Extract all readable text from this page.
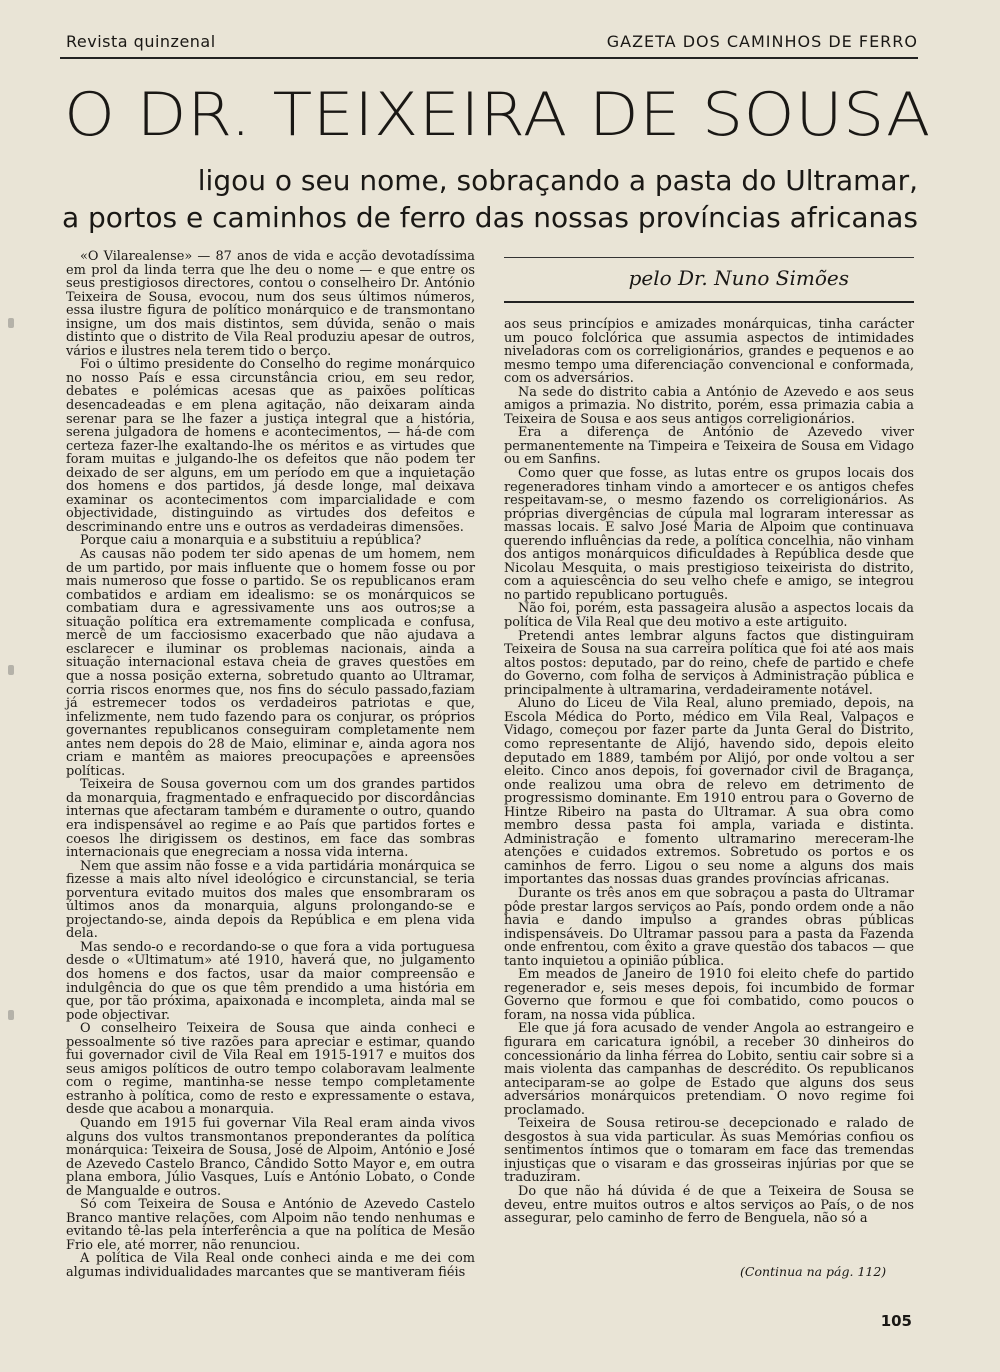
Revista quinzenal	GAZETA DOS CAMINHOS DE FERRO
O DR. TEIXEIRA DE SOUSA
ligou o seu nome, sobraçando a pasta do Ultramar,
a portos e caminhos de ferro das nossas províncias africanas

«O Vilarealense» — 87 anos de vida e acção devotadíssima em prol da linda terra que lhe deu o nome — e que entre os seus prestigiosos directores, contou o conselheiro Dr. António Teixeira de Sousa, evocou, num dos seus últimos números, essa ilustre figura de político monárquico e de transmontano insigne, um dos mais distintos, sem dúvida, senão o mais distinto que o distrito de Vila Real produziu apesar de outros, vários e ilustres nela terem tido o berço.

Foi o último presidente do Conselho do regime monárquico no nosso País e essa circunstância criou, em seu redor, debates e polémicas acesas que as paixões políticas desencadeadas e em plena agitação, não deixaram ainda serenar para se lhe fazer a justiça integral que a história, serena julgadora de homens e acontecimentos, — há-de com certeza fazer-lhe exaltando-lhe os méritos e as virtudes que foram muitas e julgando-lhe os defeitos que não podem ter deixado de ser alguns, em um período em que a inquietação dos homens e dos partidos, já desde longe, mal deixava examinar os acontecimentos com imparcialidade e com objectividade, distinguindo as virtudes dos defeitos e descriminando entre uns e outros as verdadeiras dimensões.

Porque caiu a monarquia e a substituiu a república?

As causas não podem ter sido apenas de um homem, nem de um partido, por mais influente que o homem fosse ou por mais numeroso que fosse o partido. Se os republicanos eram combatidos e ardiam em idealismo: se os monárquicos se combatiam dura e agressivamente uns aos outros;se a situação política era extremamente complicada e confusa, mercê de um facciosismo exacerbado que não ajudava a esclarecer e iluminar os problemas nacionais, ainda a situação internacional estava cheia de graves questões em que a nossa posição externa, sobretudo quanto ao Ultramar, corria riscos enormes que, nos fins do século passado,faziam já estremecer todos os verdadeiros patriotas e que, infelizmente, nem tudo fazendo para os conjurar, os próprios governantes republicanos conseguiram completamente nem antes nem depois do 28 de Maio, eliminar e, ainda agora nos criam e mantêm as maiores preocupações e apreensões políticas.

Teixeira de Sousa governou com um dos grandes partidos da monarquia, fragmentado e enfraquecido por discordâncias internas que afectaram também e duramente o outro, quando era indispensável ao regime e ao País que partidos fortes e coesos lhe dirigissem os destinos, em face das sombras internacionais que enegreciam a nossa vida interna.

Nem que assim não fosse e a vida partidária monárquica se fizesse a mais alto nível ideológico e circunstancial, se teria porventura evitado muitos dos males que ensombraram os últimos anos da monarquia, alguns prolongando-se e projectando-se, ainda depois da República e em plena vida dela.

Mas sendo-o e recordando-se o que fora a vida portuguesa desde o «Ultimatum» até 1910, haverá que, no julgamento dos homens e dos factos, usar da maior compreensão e indulgência do que os que têm prendido a uma história em que, por tão próxima, apaixonada e incompleta, ainda mal se pode objectivar.

O conselheiro Teixeira de Sousa que ainda conheci e pessoalmente só tive razões para apreciar e estimar, quando fui governador civil de Vila Real em 1915-1917 e muitos dos seus amigos políticos de outro tempo colaboravam lealmente com o regime, mantinha-se nesse tempo completamente estranho à política, como de resto e expressamente o estava, desde que acabou a monarquia.

Quando em 1915 fui governar Vila Real eram ainda vivos alguns dos vultos transmontanos preponderantes da política monárquica: Teixeira de Sousa, José de Alpoim, António e José de Azevedo Castelo Branco, Cândido Sotto Mayor e, em outra plana embora, Júlio Vasques, Luís e António Lobato, o Conde de Mangualde e outros.

Só com Teixeira de Sousa e António de Azevedo Castelo Branco mantive relações, com Alpoim não tendo nenhumas e evitando tê-las pela interferência a que na política de Mesão Frio ele, até morrer, não renunciou.

A política de Vila Real onde conheci ainda e me dei com algumas individualidades marcantes que se mantiveram fiéis

pelo Dr. Nuno Simões

aos seus princípios e amizades monárquicas, tinha carácter um pouco folclórica que assumia aspectos de intimidades niveladoras com os correligionários, grandes e pequenos e ao mesmo tempo uma diferenciação convencional e conformada, com os adversários.

Na sede do distrito cabia a António de Azevedo e aos seus amigos a primazia. No distrito, porém, essa primazia cabia a Teixeira de Sousa e aos seus antigos correligionários.

Era a diferença de António de Azevedo viver permanentemente na Timpeira e Teixeira de Sousa em Vidago ou em Sanfins.

Como quer que fosse, as lutas entre os grupos locais dos regeneradores tinham vindo a amortecer e os antigos chefes respeitavam-se, o mesmo fazendo os correligionários. As próprias divergências de cúpula mal lograram interessar as massas locais. E salvo José Maria de Alpoim que continuava querendo influências da rede, a política concelhia, não vinham dos antigos monárquicos dificuldades à República desde que Nicolau Mesquita, o mais prestigioso teixeirista do distrito, com a aquiescência do seu velho chefe e amigo, se integrou no partido republicano português.

Não foi, porém, esta passageira alusão a aspectos locais da política de Vila Real que deu motivo a este artiguito.

Pretendi antes lembrar alguns factos que distinguiram Teixeira de Sousa na sua carreira política que foi até aos mais altos postos: deputado, par do reino, chefe de partido e chefe do Governo, com folha de serviços à Administração pública e principalmente à ultramarina, verdadeiramente notável.

Aluno do Liceu de Vila Real, aluno premiado, depois, na Escola Médica do Porto, médico em Vila Real, Valpaços e Vidago, começou por fazer parte da Junta Geral do Distrito, como representante de Alijó, havendo sido, depois eleito deputado em 1889, também por Alijó, por onde voltou a ser eleito. Cinco anos depois, foi governador civil de Bragança, onde realizou uma obra de relevo em detrimento de progressismo dominante. Em 1910 entrou para o Governo de Hintze Ribeiro na pasta do Ultramar. A sua obra como membro dessa pasta foi ampla, variada e distinta. Administração e fomento ultramarino mereceram-lhe atenções e cuidados extremos. Sobretudo os portos e os caminhos de ferro. Ligou o seu nome a alguns dos mais importantes das nossas duas grandes províncias africanas.

Durante os três anos em que sobraçou a pasta do Ultramar pôde prestar largos serviços ao País, pondo ordem onde a não havia e dando impulso a grandes obras públicas indispensáveis. Do Ultramar passou para a pasta da Fazenda onde enfrentou, com êxito a grave questão dos tabacos — que tanto inquietou a opinião pública.

Em meados de Janeiro de 1910 foi eleito chefe do partido regenerador e, seis meses depois, foi incumbido de formar Governo que formou e que foi combatido, como poucos o foram, na nossa vida pública.

Ele que já fora acusado de vender Angola ao estrangeiro e figurara em caricatura ignóbil, a receber 30 dinheiros do concessionário da linha férrea do Lobito, sentiu cair sobre si a mais violenta das campanhas de descrédito. Os republicanos anteciparam-se ao golpe de Estado que alguns dos seus adversários monárquicos pretendiam. O novo regime foi proclamado.

Teixeira de Sousa retirou-se decepcionado e ralado de desgostos à sua vida particular. Às suas Memórias confiou os sentimentos íntimos que o tomaram em face das tremendas injustiças que o visaram e das grosseiras injúrias por que se traduziram.

Do que não há dúvida é de que a Teixeira de Sousa se deveu, entre muitos outros e altos serviços ao País, o de nos assegurar, pelo caminho de ferro de Benguela, não só a

(Continua na pág. 112)
105
